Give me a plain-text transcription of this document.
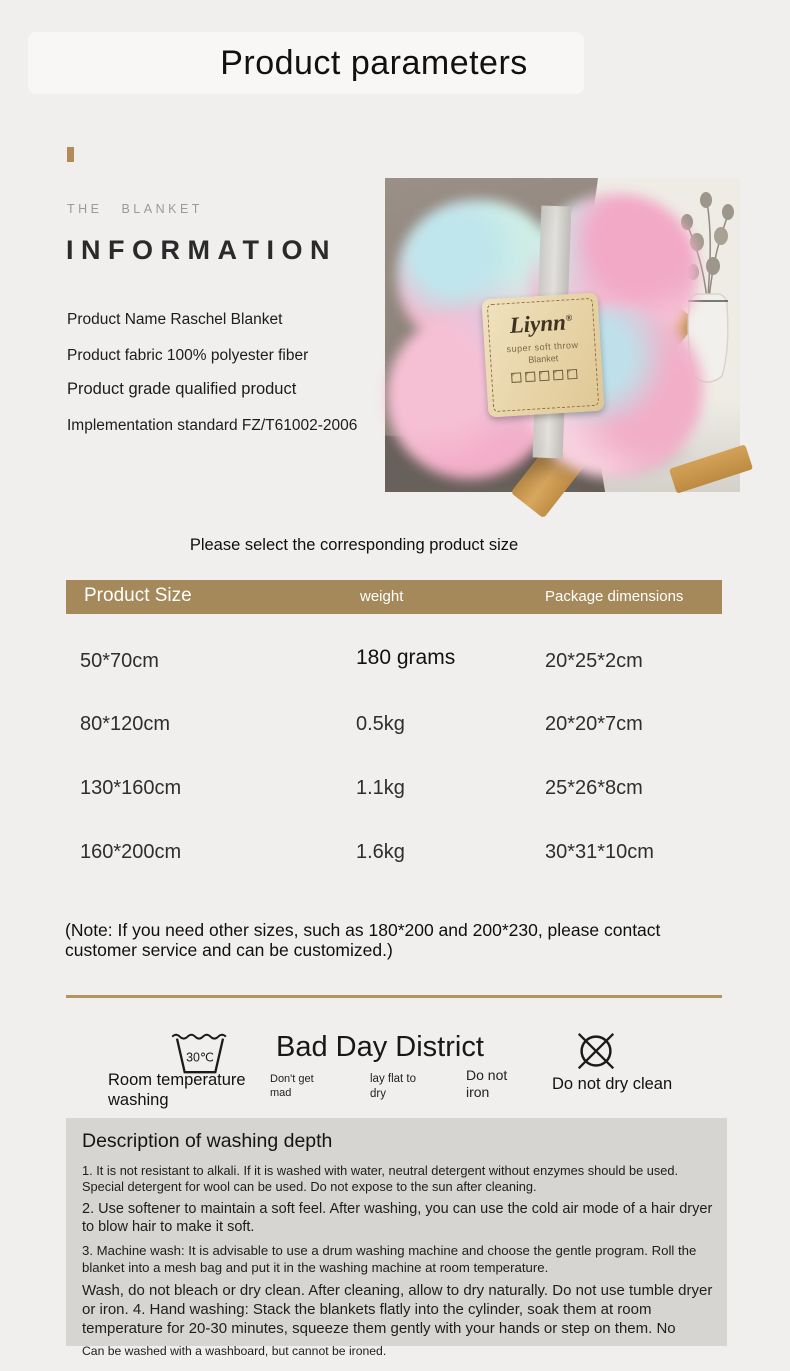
Product parameters
THE BLANKET
INFORMATION
Product Name Raschel Blanket
Product fabric 100% polyester fiber
Product grade qualified product
Implementation standard FZ/T61002-2006
Liynn®
super soft throw
Blanket
Please select the corresponding product size
Product Size	weight	Package dimensions
50*70cm	180 grams	20*25*2cm
80*120cm	0.5kg	20*20*7cm
130*160cm	1.1kg	25*26*8cm
160*200cm	1.6kg	30*31*10cm
(Note: If you need other sizes, such as 180*200 and 200*230, please contact customer service and can be customized.)
30℃
Room temperature washing
Bad Day District
Don't get mad
lay flat to dry
Do not iron	Do not dry clean
Description of washing depth

1. It is not resistant to alkali. If it is washed with water, neutral detergent without enzymes should be used. Special detergent for wool can be used. Do not expose to the sun after cleaning.

2. Use softener to maintain a soft feel. After washing, you can use the cold air mode of a hair dryer to blow hair to make it soft.

3. Machine wash: It is advisable to use a drum washing machine and choose the gentle program. Roll the blanket into a mesh bag and put it in the washing machine at room temperature.

Wash, do not bleach or dry clean. After cleaning, allow to dry naturally. Do not use tumble dryer or iron. 4. Hand washing: Stack the blankets flatly into the cylinder, soak them at room temperature for 20-30 minutes, squeeze them gently with your hands or step on them. No

Can be washed with a washboard, but cannot be ironed.
